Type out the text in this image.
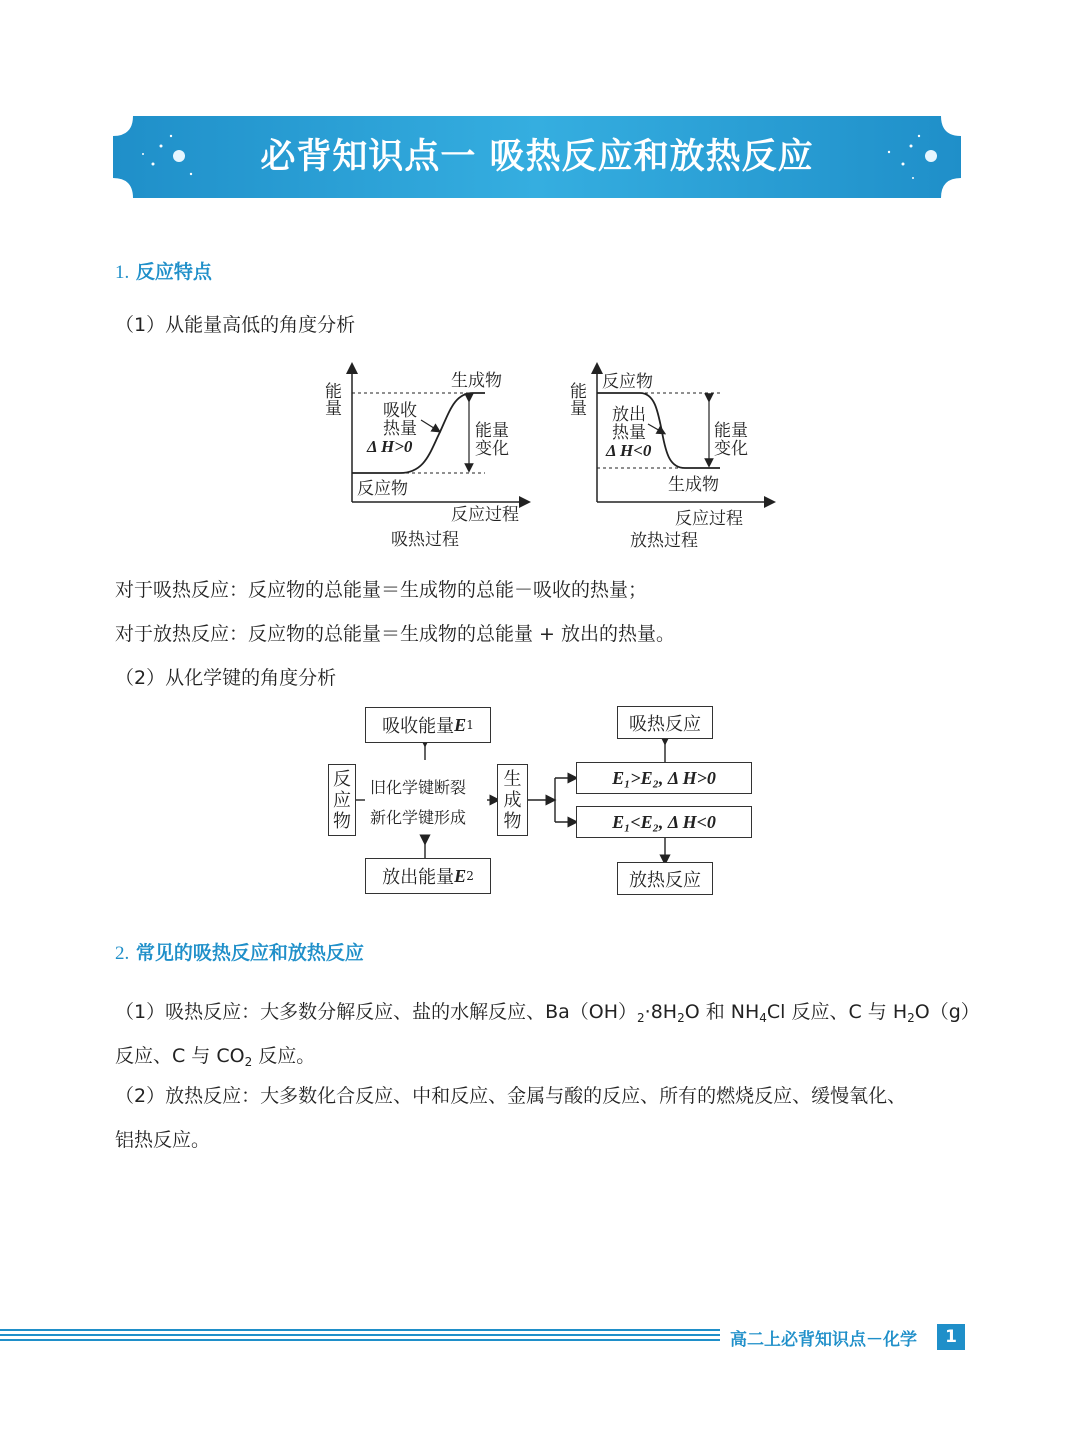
必背知识点一 吸热反应和放热反应
1. 反应特点
（1）从能量高低的角度分析
能量
生成物
反应物
吸收
热量
Δ H>0
能量
变化
反应过程
吸热过程
能量 反应物
生成物
放出
热量
Δ H<0
能量
变化
反应过程
放热过程
对于吸热反应：反应物的总能量＝生成物的总能－吸收的热量；
对于放热反应：反应物的总能量＝生成物的总能量 + 放出的热量。
（2）从化学键的角度分析
吸收能量 E 1
放出能量 E 2
反
应
物
旧化学键断裂
新化学键形成
生
成
物
E₁>E₂, Δ H>0
E₁<E₂, Δ H<0
吸热反应
放热反应
2. 常见的吸热反应和放热反应
（1）吸热反应：大多数分解反应、盐的水解反应、$Ba(OH)_2\cdot 8H_2O$ 和 $NH_4Cl$ 反应、C 与 $H_2O(g)$
反应、C 与 $CO_2$ 反应。
（2）放热反应：大多数化合反应、中和反应、金属与酸的反应、所有的燃烧反应、缓慢氧化、
铝热反应。
高二上必背知识点－化学	1
